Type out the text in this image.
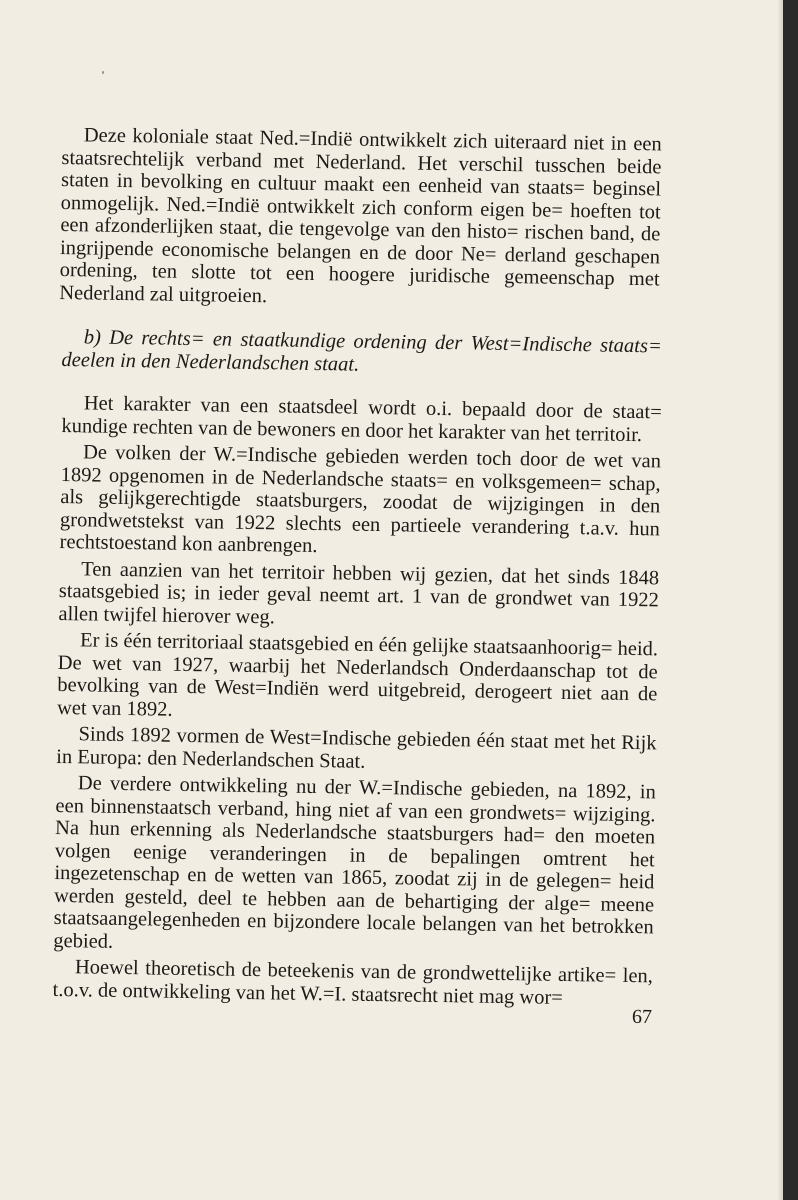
Deze koloniale staat Ned.=Indië ontwikkelt zich uiteraard niet in een staatsrechtelijk verband met Nederland. Het verschil tusschen beide staten in bevolking en cultuur maakt een eenheid van staats= beginsel onmogelijk. Ned.=Indië ontwikkelt zich conform eigen be= hoeften tot een afzonderlijken staat, die tengevolge van den histo= rischen band, de ingrijpende economische belangen en de door Ne= derland geschapen ordening, ten slotte tot een hoogere juridische gemeenschap met Nederland zal uitgroeien.

b) De rechts= en staatkundige ordening der West=Indische staats= deelen in den Nederlandschen staat.

Het karakter van een staatsdeel wordt o.i. bepaald door de staat= kundige rechten van de bewoners en door het karakter van het territoir.

De volken der W.=Indische gebieden werden toch door de wet van 1892 opgenomen in de Nederlandsche staats= en volksgemeen= schap, als gelijkgerechtigde staatsburgers, zoodat de wijzigingen in den grondwetstekst van 1922 slechts een partieele verandering t.a.v. hun rechtstoestand kon aanbrengen.

Ten aanzien van het territoir hebben wij gezien, dat het sinds 1848 staatsgebied is; in ieder geval neemt art. 1 van de grondwet van 1922 allen twijfel hierover weg.

Er is één territoriaal staatsgebied en één gelijke staatsaanhoorig= heid. De wet van 1927, waarbij het Nederlandsch Onderdaanschap tot de bevolking van de West=Indiën werd uitgebreid, derogeert niet aan de wet van 1892.

Sinds 1892 vormen de West=Indische gebieden één staat met het Rijk in Europa: den Nederlandschen Staat.

De verdere ontwikkeling nu der W.=Indische gebieden, na 1892, in een binnenstaatsch verband, hing niet af van een grondwets= wijziging. Na hun erkenning als Nederlandsche staatsburgers had= den moeten volgen eenige veranderingen in de bepalingen omtrent het ingezetenschap en de wetten van 1865, zoodat zij in de gelegen= heid werden gesteld, deel te hebben aan de behartiging der alge= meene staatsaangelegenheden en bijzondere locale belangen van het betrokken gebied.

Hoewel theoretisch de beteekenis van de grondwettelijke artike= len, t.o.v. de ontwikkeling van het W.=I. staatsrecht niet mag wor=

67
